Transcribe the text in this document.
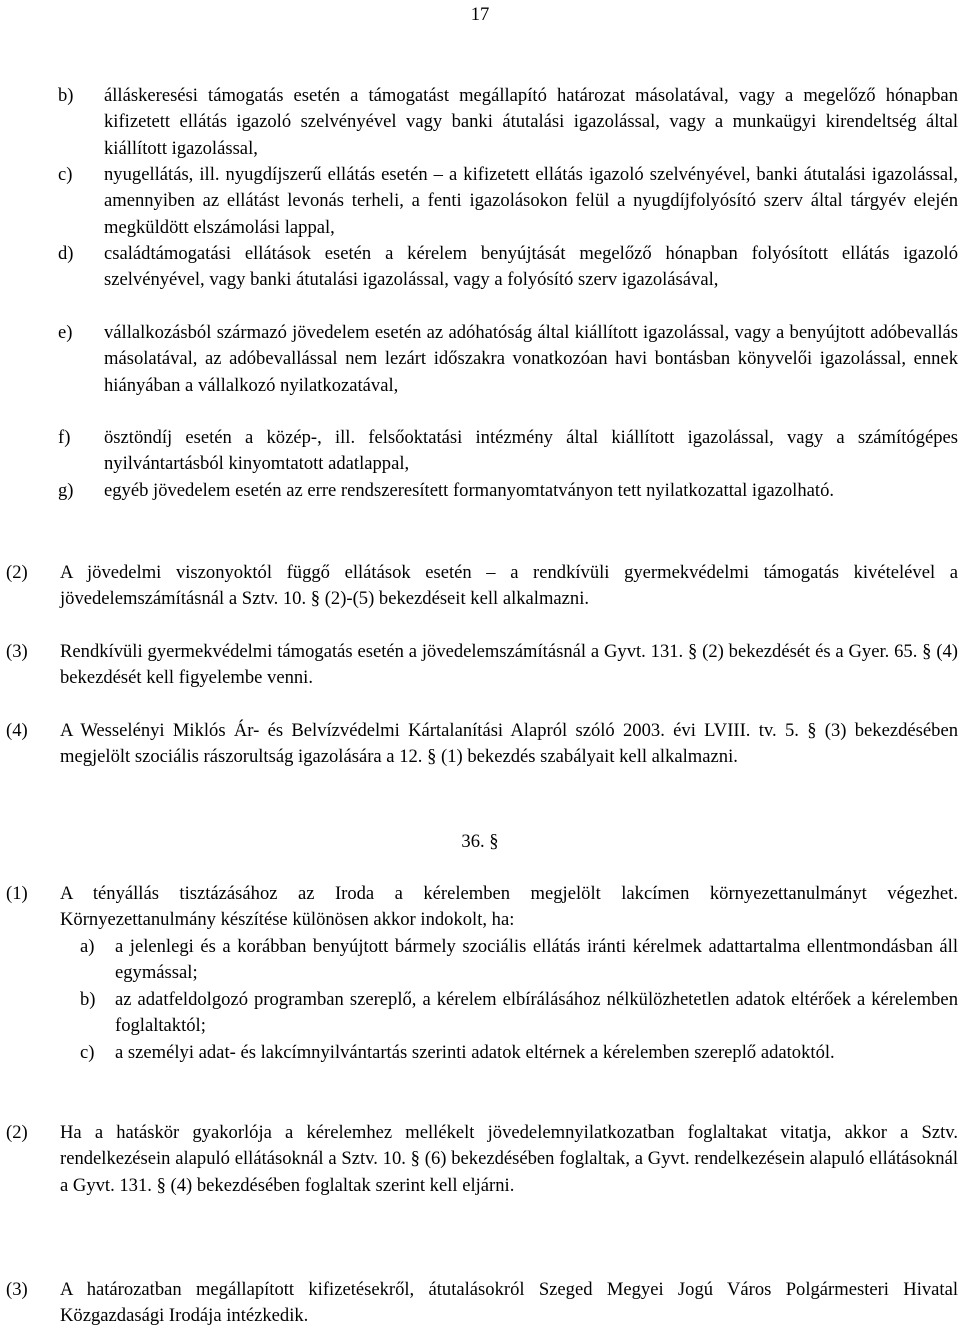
17
b) álláskeresési támogatás esetén a támogatást megállapító határozat másolatával, vagy a megelőző hónapban kifizetett ellátás igazoló szelvényével vagy banki átutalási igazolással, vagy a munkaügyi kirendeltség által kiállított igazolással,
c) nyugellátás, ill. nyugdíjszerű ellátás esetén – a kifizetett ellátás igazoló szelvényével, banki átutalási igazolással, amennyiben az ellátást levonás terheli, a fenti igazolásokon felül a nyugdíjfolyósító szerv által tárgyév elején megküldött elszámolási lappal,
d) családtámogatási ellátások esetén a kérelem benyújtását megelőző hónapban folyósított ellátás igazoló szelvényével, vagy banki átutalási igazolással, vagy a folyósító szerv igazolásával,
e) vállalkozásból származó jövedelem esetén az adóhatóság által kiállított igazolással, vagy a benyújtott adóbevallás másolatával, az adóbevallással nem lezárt időszakra vonatkozóan havi bontásban könyvelői igazolással, ennek hiányában a vállalkozó nyilatkozatával,
f) ösztöndíj esetén a közép-, ill. felsőoktatási intézmény által kiállított igazolással, vagy a számítógépes nyilvántartásból kinyomtatott adatlappal,
g) egyéb jövedelem esetén az erre rendszeresített formanyomtatványon tett nyilatkozattal igazolható.
(2) A jövedelmi viszonyoktól függő ellátások esetén – a rendkívüli gyermekvédelmi támogatás kivételével a jövedelemszámításnál a Sztv. 10. § (2)-(5) bekezdéseit kell alkalmazni.
(3) Rendkívüli gyermekvédelmi támogatás esetén a jövedelemszámításnál a Gyvt. 131. § (2) bekezdését és a Gyer. 65. § (4) bekezdését kell figyelembe venni.
(4) A Wesselényi Miklós Ár- és Belvízvédelmi Kártalanítási Alapról szóló 2003. évi LVIII. tv. 5. § (3) bekezdésében megjelölt szociális rászorultság igazolására a 12. § (1) bekezdés szabályait kell alkalmazni.
36. §
(1) A tényállás tisztázásához az Iroda a kérelemben megjelölt lakcímen környezettanulmányt végezhet. Környezettanulmány készítése különösen akkor indokolt, ha:
a) a jelenlegi és a korábban benyújtott bármely szociális ellátás iránti kérelmek adattartalma ellentmondásban áll egymással;
b) az adatfeldolgozó programban szereplő, a kérelem elbírálásához nélkülözhetetlen adatok eltérőek a kérelemben foglaltaktól;
c) a személyi adat- és lakcímnyilvántartás szerinti adatok eltérnek a kérelemben szereplő adatoktól.
(2) Ha a hatáskör gyakorlója a kérelemhez mellékelt jövedelemnyilatkozatban foglaltakat vitatja, akkor a Sztv. rendelkezésein alapuló ellátásoknál a Sztv. 10. § (6) bekezdésében foglaltak, a Gyvt. rendelkezésein alapuló ellátásoknál a Gyvt. 131. § (4) bekezdésében foglaltak szerint kell eljárni.
(3) A határozatban megállapított kifizetésekről, átutalásokról Szeged Megyei Jogú Város Polgármesteri Hivatal Közgazdasági Irodája intézkedik.
